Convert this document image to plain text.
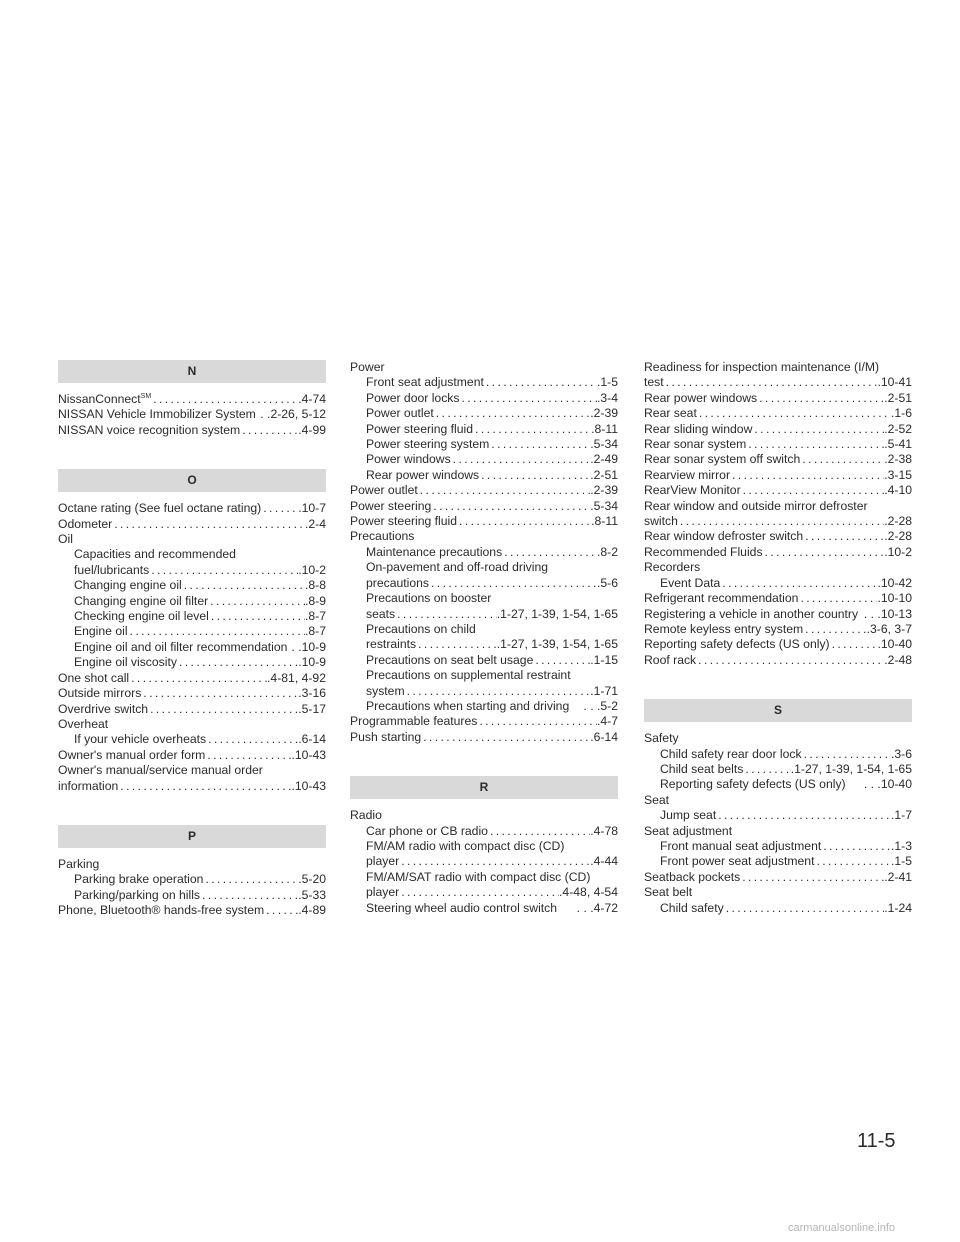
N
NissanConnect℠ .....	.4-74
NISSAN Vehicle Immobilizer System . .2-26, 5-12
NISSAN voice recognition system .....	.4-99
O
Octane rating (See fuel octane rating) .....	.10-7
Odometer .....	.2-4
Oil
Capacities and recommended
fuel/lubricants .....	.10-2
Changing engine oil .....	.8-8
Changing engine oil filter .....	.8-9
Checking engine oil level .....	.8-7
Engine oil .....	.8-7
Engine oil and oil filter recommendation . .10-9
Engine oil viscosity .....	.10-9
One shot call .....	.4-81, 4-92
Outside mirrors .....	.3-16
Overdrive switch .....	.5-17
Overheat
If your vehicle overheats .....	.6-14
Owner's manual order form .....	.10-43
Owner's manual/service manual order
information .....	.10-43
P
Parking
Parking brake operation .....	.5-20
Parking/parking on hills .....	.5-33
Phone, Bluetooth® hands-free system .....	.4-89
Power
Front seat adjustment .....	.1-5
Power door locks .....	.3-4
Power outlet .....	.2-39
Power steering fluid .....	.8-11
Power steering system .....	.5-34
Power windows .....	.2-49
Rear power windows .....	.2-51
Power outlet .....	.2-39
Power steering .....	.5-34
Power steering fluid .....	.8-11
Precautions
Maintenance precautions .....	.8-2
On-pavement and off-road driving
precautions .....	.5-6
Precautions on booster
seats .....	.1-27, 1-39, 1-54, 1-65
Precautions on child
restraints .....	.1-27, 1-39, 1-54, 1-65
Precautions on seat belt usage .....	.1-15
Precautions on supplemental restraint
system .....	.1-71
Precautions when starting and driving . . .5-2
Programmable features .....	.4-7
Push starting .....	.6-14
R
Radio
Car phone or CB radio .....	.4-78
FM/AM radio with compact disc (CD)
player .....	.4-44
FM/AM/SAT radio with compact disc (CD)
player .....	.4-48, 4-54
Steering wheel audio control switch . . .4-72
Readiness for inspection maintenance (I/M)
test .....	.10-41
Rear power windows .....	.2-51
Rear seat .....	.1-6
Rear sliding window .....	.2-52
Rear sonar system .....	.5-41
Rear sonar system off switch .....	.2-38
Rearview mirror .....	.3-15
RearView Monitor .....	.4-10
Rear window and outside mirror defroster
switch .....	.2-28
Rear window defroster switch .....	.2-28
Recommended Fluids .....	.10-2
Recorders
Event Data .....	.10-42
Refrigerant recommendation .....	.10-10
Registering a vehicle in another country . . .10-13
Remote keyless entry system .....	.3-6, 3-7
Reporting safety defects (US only) .....	.10-40
Roof rack .....	.2-48
S
Safety
Child safety rear door lock .....	.3-6
Child seat belts .....	.1-27, 1-39, 1-54, 1-65
Reporting safety defects (US only) . . .10-40
Seat
Jump seat .....	.1-7
Seat adjustment
Front manual seat adjustment .....	.1-3
Front power seat adjustment .....	.1-5
Seatback pockets .....	.2-41
Seat belt
Child safety .....	.1-24
11-5
carmanualsonline.info
